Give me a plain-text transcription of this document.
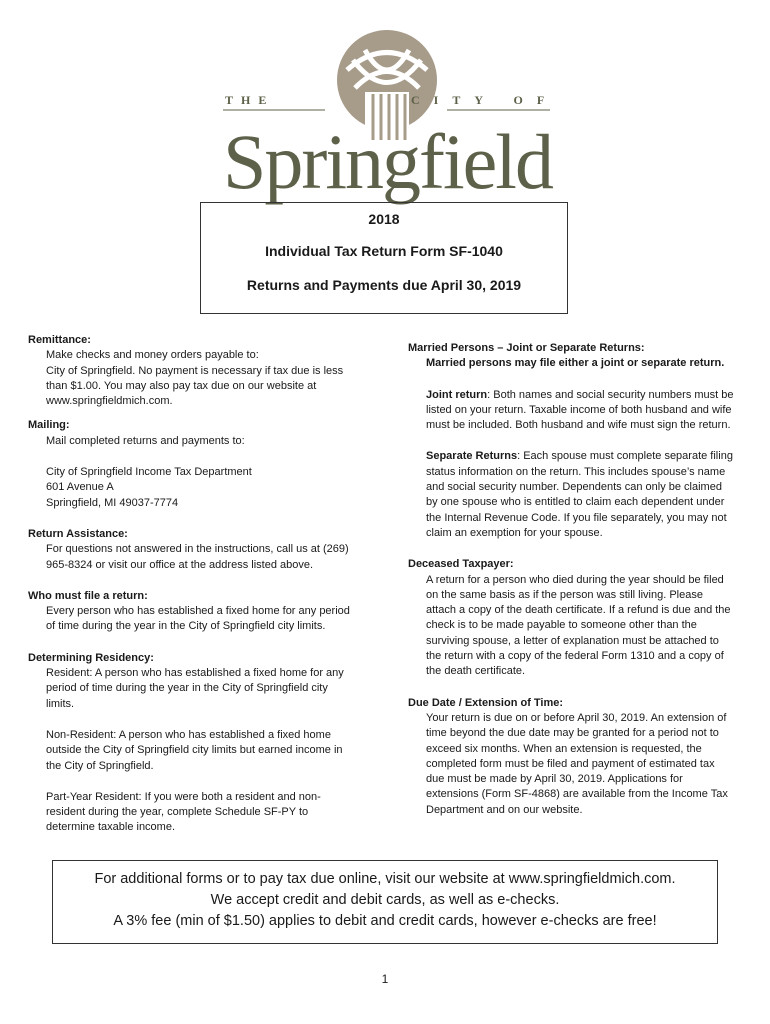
THE	CITY OF
Springfield
2018
Individual Tax Return Form SF-1040
Returns and Payments due April 30, 2019
Remittance:
Make checks and money orders payable to:
City of Springfield. No payment is necessary if tax due is less
than $1.00. You may also pay tax due on our website at
www.springfieldmich.com.
Mailing:
Mail completed returns and payments to:
City of Springfield Income Tax Department
601 Avenue A
Springfield, MI 49037-7774
Return Assistance:
For questions not answered in the instructions, call us at (269)
965-8324 or visit our office at the address listed above.
Who must file a return:
Every person who has established a fixed home for any period
of time during the year in the City of Springfield city limits.
Determining Residency:
Resident: A person who has established a fixed home for any
period of time during the year in the City of Springfield city
limits.
Non-Resident: A person who has established a fixed home
outside the City of Springfield city limits but earned income in
the City of Springfield.
Part-Year Resident: If you were both a resident and non-
resident during the year, complete Schedule SF-PY to
determine taxable income.
Married Persons – Joint or Separate Returns:
Married persons may file either a joint or separate return.
Joint return: Both names and social security numbers must be
listed on your return. Taxable income of both husband and wife
must be included. Both husband and wife must sign the return.
Separate Returns: Each spouse must complete separate filing
status information on the return. This includes spouse’s name
and social security number. Dependents can only be claimed
by one spouse who is entitled to claim each dependent under
the Internal Revenue Code. If you file separately, you may not
claim an exemption for your spouse.
Deceased Taxpayer:
A return for a person who died during the year should be filed
on the same basis as if the person was still living. Please
attach a copy of the death certificate. If a refund is due and the
check is to be made payable to someone other than the
surviving spouse, a letter of explanation must be attached to
the return with a copy of the federal Form 1310 and a copy of
the death certificate.
Due Date / Extension of Time:
Your return is due on or before April 30, 2019. An extension of
time beyond the due date may be granted for a period not to
exceed six months. When an extension is requested, the
completed form must be filed and payment of estimated tax
due must be made by April 30, 2019. Applications for
extensions (Form SF-4868) are available from the Income Tax
Department and on our website.
For additional forms or to pay tax due online, visit our website at www.springfieldmich.com.
We accept credit and debit cards, as well as e-checks.
A 3% fee (min of $1.50) applies to debit and credit cards, however e-checks are free!
1
